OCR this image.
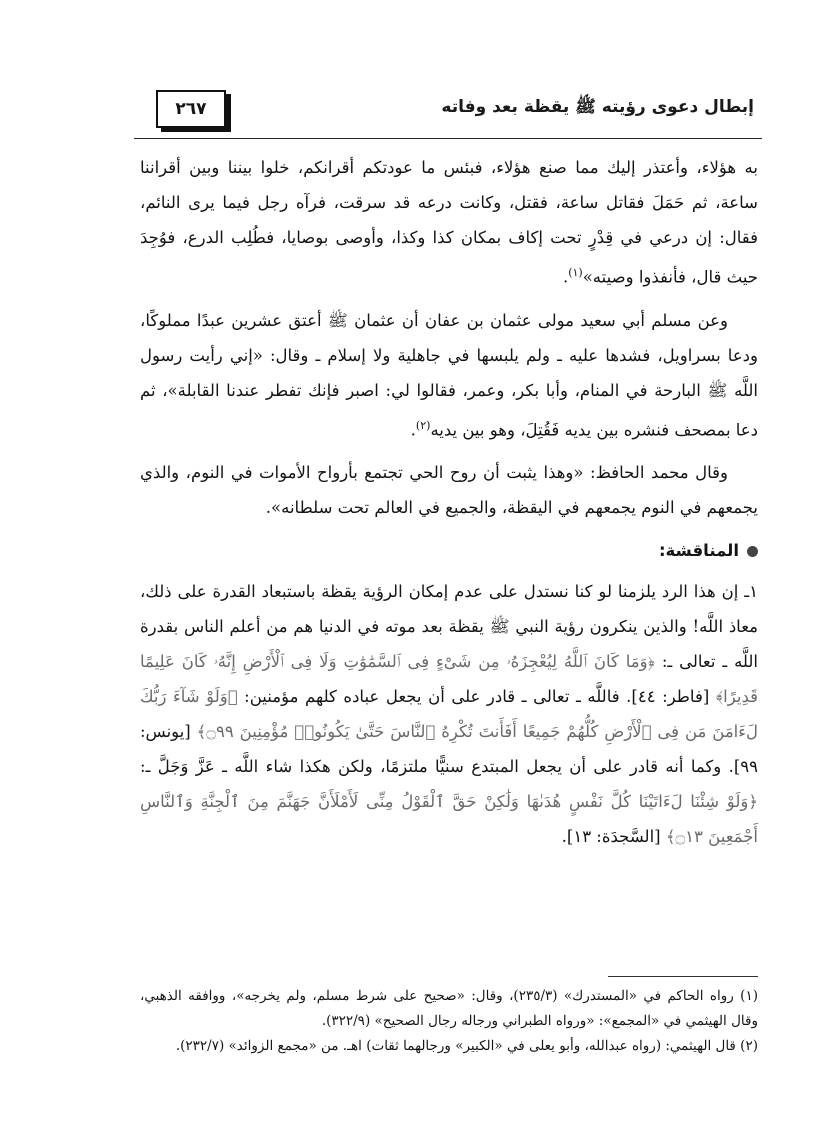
إبطال دعوى رؤيته ﷺ يقظة بعد وفاته
٢٦٧

به هؤلاء، وأعتذر إليك مما صنع هؤلاء، فبئس ما عودتكم أقرانكم، خلوا بيننا وبين أقراننا ساعة، ثم حَمَلَ فقاتل ساعة، فقتل، وكانت درعه قد سرقت، فرآه رجل فيما يرى النائم، فقال: إن درعي في قِدْرٍ تحت إكاف بمكان كذا وكذا، وأوصى بوصايا، فطُلِب الدرع، فوُجِدَ حيث قال، فأنفذوا وصيته»$^{(١)}$.

وعن مسلم أبي سعيد مولى عثمان بن عفان أن عثمان ﷺ أعتق عشرين عبدًا مملوكًا، ودعا بسراويل، فشدها عليه ـ ولم يلبسها في جاهلية ولا إسلام ـ وقال: «إني رأيت رسول اللَّه ﷺ البارحة في المنام، وأبا بكر، وعمر، فقالوا لي: اصبر فإنك تفطر عندنا القابلة»، ثم دعا بمصحف فنشره بين يديه فَقُتِلَ، وهو بين يديه$^{(٢)}$.

وقال محمد الحافظ: «وهذا يثبت أن روح الحي تجتمع بأرواح الأموات في النوم، والذي يجمعهم في النوم يجمعهم في اليقظة، والجميع في العالم تحت سلطانه».

المناقشة:

١ـ إن هذا الرد يلزمنا لو كنا نستدل على عدم إمكان الرؤية يقظة باستبعاد القدرة على ذلك، معاذ اللَّه! والذين ينكرون رؤية النبي ﷺ يقظة بعد موته في الدنيا هم من أعلم الناس بقدرة اللَّه ـ تعالى ـ: ﴿وَمَا كَانَ ٱللَّهُ لِيُعْجِزَهُۥ مِن شَىْءٍ فِى ٱلسَّمَٰوَٰتِ وَلَا فِى ٱلْأَرْضِ إِنَّهُۥ كَانَ عَلِيمًا قَدِيرًا﴾ [فاطر: ٤٤]. فاللَّه ـ تعالى ـ قادر على أن يجعل عباده كلهم مؤمنين: ﴿وَلَوْ شَآءَ رَبُّكَ لَءَامَنَ مَن فِى ٱلْأَرْضِ كُلُّهُمْ جَمِيعًا أَفَأَنتَ تُكْرِهُ ٱلنَّاسَ حَتَّىٰ يَكُونُوا۟ مُؤْمِنِينَ ۝٩٩﴾ [يونس: ٩٩]. وكما أنه قادر على أن يجعل المبتدع سنيًّا ملتزمًا، ولكن هكذا شاء اللَّه ـ عَزَّ وَجَلَّ ـ: ﴿وَلَوْ شِئْنَا لَءَاتَيْنَا كُلَّ نَفْسٍ هُدَىٰهَا وَلَٰكِنْ حَقَّ ٱلْقَوْلُ مِنِّى لَأَمْلَأَنَّ جَهَنَّمَ مِنَ ٱلْجِنَّةِ وَٱلنَّاسِ أَجْمَعِينَ ۝١٣﴾ [السَّجدَة: ١٣].

(١) رواه الحاكم في «المستدرك» (٢٣٥/٣)، وقال: «صحيح على شرط مسلم، ولم يخرجه»، ووافقه الذهبي، وقال الهيثمي في «المجمع»: «ورواه الطبراني ورجاله رجال الصحيح» (٣٢٢/٩).

(٢) قال الهيثمي: (رواه عبدالله، وأبو يعلى في «الكبير» ورجالهما ثقات) اهـ. من «مجمع الزوائد» (٢٣٢/٧).
